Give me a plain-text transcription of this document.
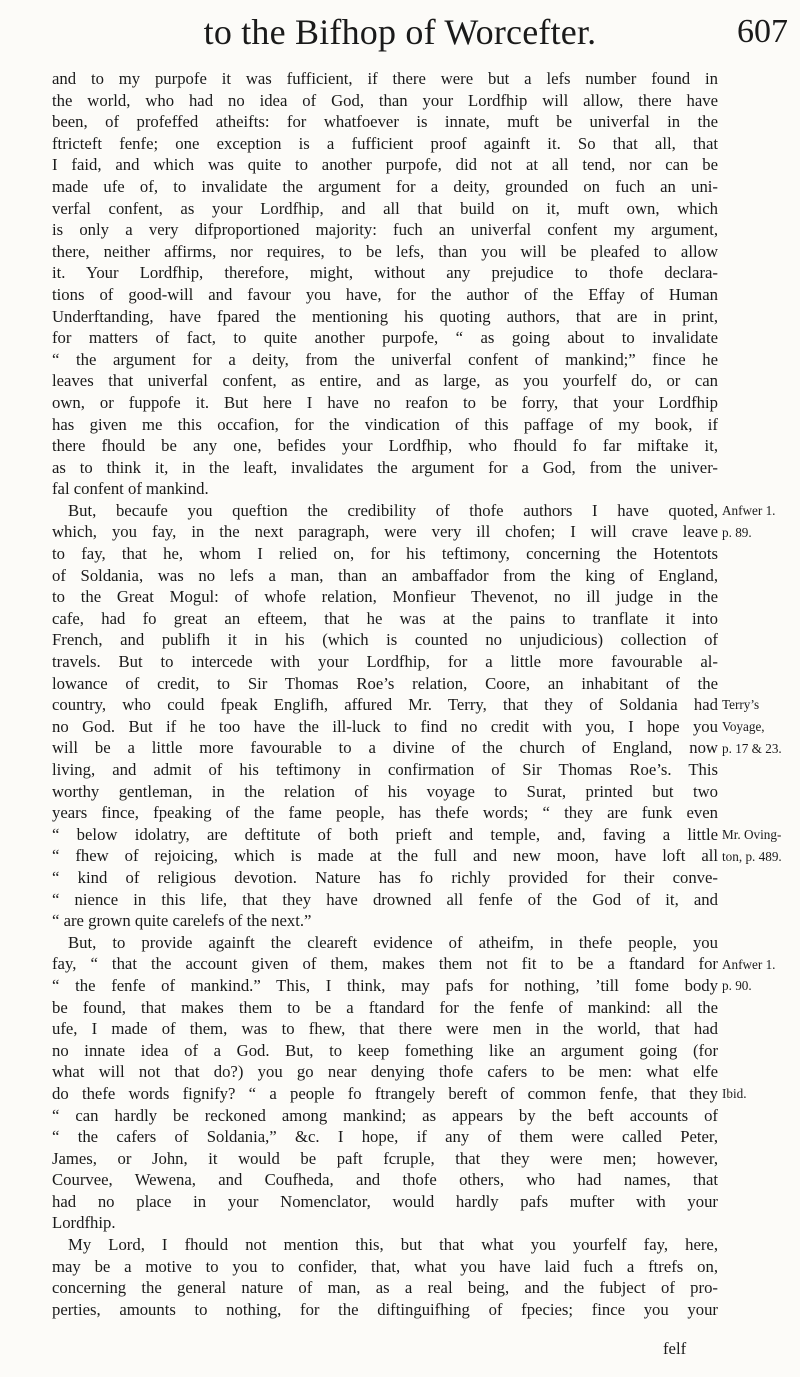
to the Bifhop of Worcefter.	607
and to my purpofe it was fufficient, if there were but a lefs number found in
the world, who had no idea of God, than your Lordfhip will allow, there have
been, of profeffed atheifts: for whatfoever is innate, muft be univerfal in the
ftricteft fenfe; one exception is a fufficient proof againft it. So that all, that
I faid, and which was quite to another purpofe, did not at all tend, nor can be
made ufe of, to invalidate the argument for a deity, grounded on fuch an uni-
verfal confent, as your Lordfhip, and all that build on it, muft own, which
is only a very difproportioned majority: fuch an univerfal confent my argument,
there, neither affirms, nor requires, to be lefs, than you will be pleafed to allow
it. Your Lordfhip, therefore, might, without any prejudice to thofe declara-
tions of good-will and favour you have, for the author of the Effay of Human
Underftanding, have fpared the mentioning his quoting authors, that are in print,
for matters of fact, to quite another purpofe, “ as going about to invalidate
“ the argument for a deity, from the univerfal confent of mankind;” fince he
leaves that univerfal confent, as entire, and as large, as you yourfelf do, or can
own, or fuppofe it. But here I have no reafon to be forry, that your Lordfhip
has given me this occafion, for the vindication of this paffage of my book, if
there fhould be any one, befides your Lordfhip, who fhould fo far miftake it,
as to think it, in the leaft, invalidates the argument for a God, from the univer-
fal confent of mankind.
But, becaufe you queftion the credibility of thofe authors I have quoted,
which, you fay, in the next paragraph, were very ill chofen; I will crave leave
to fay, that he, whom I relied on, for his teftimony, concerning the Hotentots
of Soldania, was no lefs a man, than an ambaffador from the king of England,
to the Great Mogul: of whofe relation, Monfieur Thevenot, no ill judge in the
cafe, had fo great an efteem, that he was at the pains to tranflate it into
French, and publifh it in his (which is counted no unjudicious) collection of
travels. But to intercede with your Lordfhip, for a little more favourable al-
lowance of credit, to Sir Thomas Roe’s relation, Coore, an inhabitant of the
country, who could fpeak Englifh, affured Mr. Terry, that they of Soldania had
no God. But if he too have the ill-luck to find no credit with you, I hope you
will be a little more favourable to a divine of the church of England, now
living, and admit of his teftimony in confirmation of Sir Thomas Roe’s. This
worthy gentleman, in the relation of his voyage to Surat, printed but two
years fince, fpeaking of the fame people, has thefe words; “ they are funk even
“ below idolatry, are deftitute of both prieft and temple, and, faving a little
“ fhew of rejoicing, which is made at the full and new moon, have loft all
“ kind of religious devotion. Nature has fo richly provided for their conve-
“ nience in this life, that they have drowned all fenfe of the God of it, and
“ are grown quite carelefs of the next.”
But, to provide againft the cleareft evidence of atheifm, in thefe people, you
fay, “ that the account given of them, makes them not fit to be a ftandard for
“ the fenfe of mankind.” This, I think, may pafs for nothing, ’till fome body
be found, that makes them to be a ftandard for the fenfe of mankind: all the
ufe, I made of them, was to fhew, that there were men in the world, that had
no innate idea of a God. But, to keep fomething like an argument going (for
what will not that do?) you go near denying thofe cafers to be men: what elfe
do thefe words fignify? “ a people fo ftrangely bereft of common fenfe, that they
“ can hardly be reckoned among mankind; as appears by the beft accounts of
“ the cafers of Soldania,” &c. I hope, if any of them were called Peter,
James, or John, it would be paft fcruple, that they were men; however,
Courvee, Wewena, and Coufheda, and thofe others, who had names, that
had no place in your Nomenclator, would hardly pafs mufter with your
Lordfhip.
My Lord, I fhould not mention this, but that what you yourfelf fay, here,
may be a motive to you to confider, that, what you have laid fuch a ftrefs on,
concerning the general nature of man, as a real being, and the fubject of pro-
perties, amounts to nothing, for the diftinguifhing of fpecies; fince you your
Anfwer 1.
p. 89.
Terry’s
Voyage,
p. 17 & 23.
Mr. Oving-
ton, p. 489.
Anfwer 1.
p. 90.
Ibid.
felf
